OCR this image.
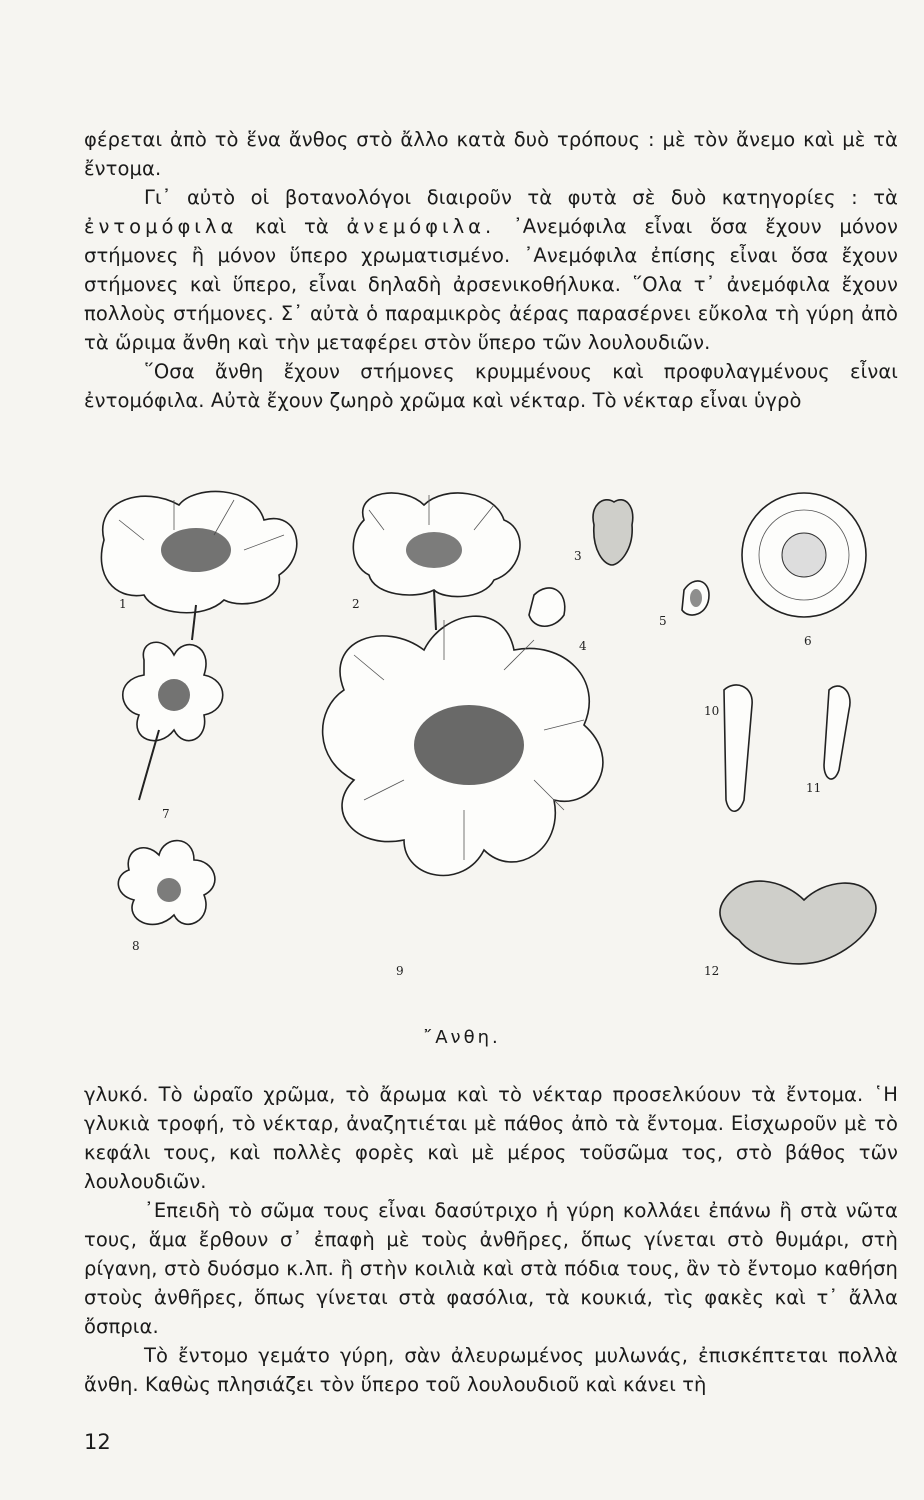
φέρεται ἀπὸ τὸ ἕνα ἄνθος στὸ ἄλλο κατὰ δυὸ τρόπους : μὲ τὸν ἄνεμο καὶ μὲ τὰ ἔντομα.

Γι᾽ αὐτὸ οἱ βοτανολόγοι διαιροῦν τὰ φυτὰ σὲ δυὸ κατηγορίες : τὰ ἐντομόφιλα καὶ τὰ ἀνεμόφιλα. ᾽Ανεμόφιλα εἶναι ὅσα ἔχουν μόνον στήμονες ἢ μόνον ὕπερο χρωματισμένο. ᾽Ανεμόφιλα ἐπίσης εἶναι ὅσα ἔχουν στήμονες καὶ ὕπερο, εἶναι δηλαδὴ ἀρσενικοθήλυκα. ῞Ολα τ᾽ ἀνεμόφιλα ἔχουν πολλοὺς στήμονες. Σ᾽ αὐτὰ ὁ παραμικρὸς ἀέρας παρασέρνει εὔκολα τὴ γύρη ἀπὸ τὰ ὥριμα ἄνθη καὶ τὴν μεταφέρει στὸν ὕπερο τῶν λουλουδιῶν.

῞Οσα ἄνθη ἔχουν στήμονες κρυμμένους καὶ προφυλαγμένους εἶναι ἐντομόφιλα. Αὐτὰ ἔχουν ζωηρὸ χρῶμα καὶ νέκταρ. Τὸ νέκταρ εἶναι ὑγρὸ

1	2
3
4
5
6
7
8
9
10
11
12
῎Ανθη.

γλυκό. Τὸ ὡραῖο χρῶμα, τὸ ἄρωμα καὶ τὸ νέκταρ προσελκύουν τὰ ἔντομα. ῾Η γλυκιὰ τροφή, τὸ νέκταρ, ἀναζητιέται μὲ πάθος ἀπὸ τὰ ἔντομα. Εἰσχωροῦν μὲ τὸ κεφάλι τους, καὶ πολλὲς φορὲς καὶ μὲ μέρος τοῦσῶμα τος, στὸ βάθος τῶν λουλουδιῶν.

᾽Επειδὴ τὸ σῶμα τους εἶναι δασύτριχο ἡ γύρη κολλάει ἐπάνω ἢ στὰ νῶτα τους, ἅμα ἔρθουν σ᾽ ἐπαφὴ μὲ τοὺς ἀνθῆρες, ὅπως γίνεται στὸ θυμάρι, στὴ ρίγανη, στὸ δυόσμο κ.λπ. ἢ στὴν κοιλιὰ καὶ στὰ πόδια τους, ἂν τὸ ἔντομο καθήση στοὺς ἀνθῆρες, ὅπως γίνεται στὰ φασόλια, τὰ κουκιά, τὶς φακὲς καὶ τ᾽ ἄλλα ὄσπρια.

Τὸ ἔντομο γεμάτο γύρη, σὰν ἀλευρωμένος μυλωνάς, ἐπισκέπτεται πολλὰ ἄνθη. Καθὼς πλησιάζει τὸν ὕπερο τοῦ λουλουδιοῦ καὶ κάνει τὴ

12
